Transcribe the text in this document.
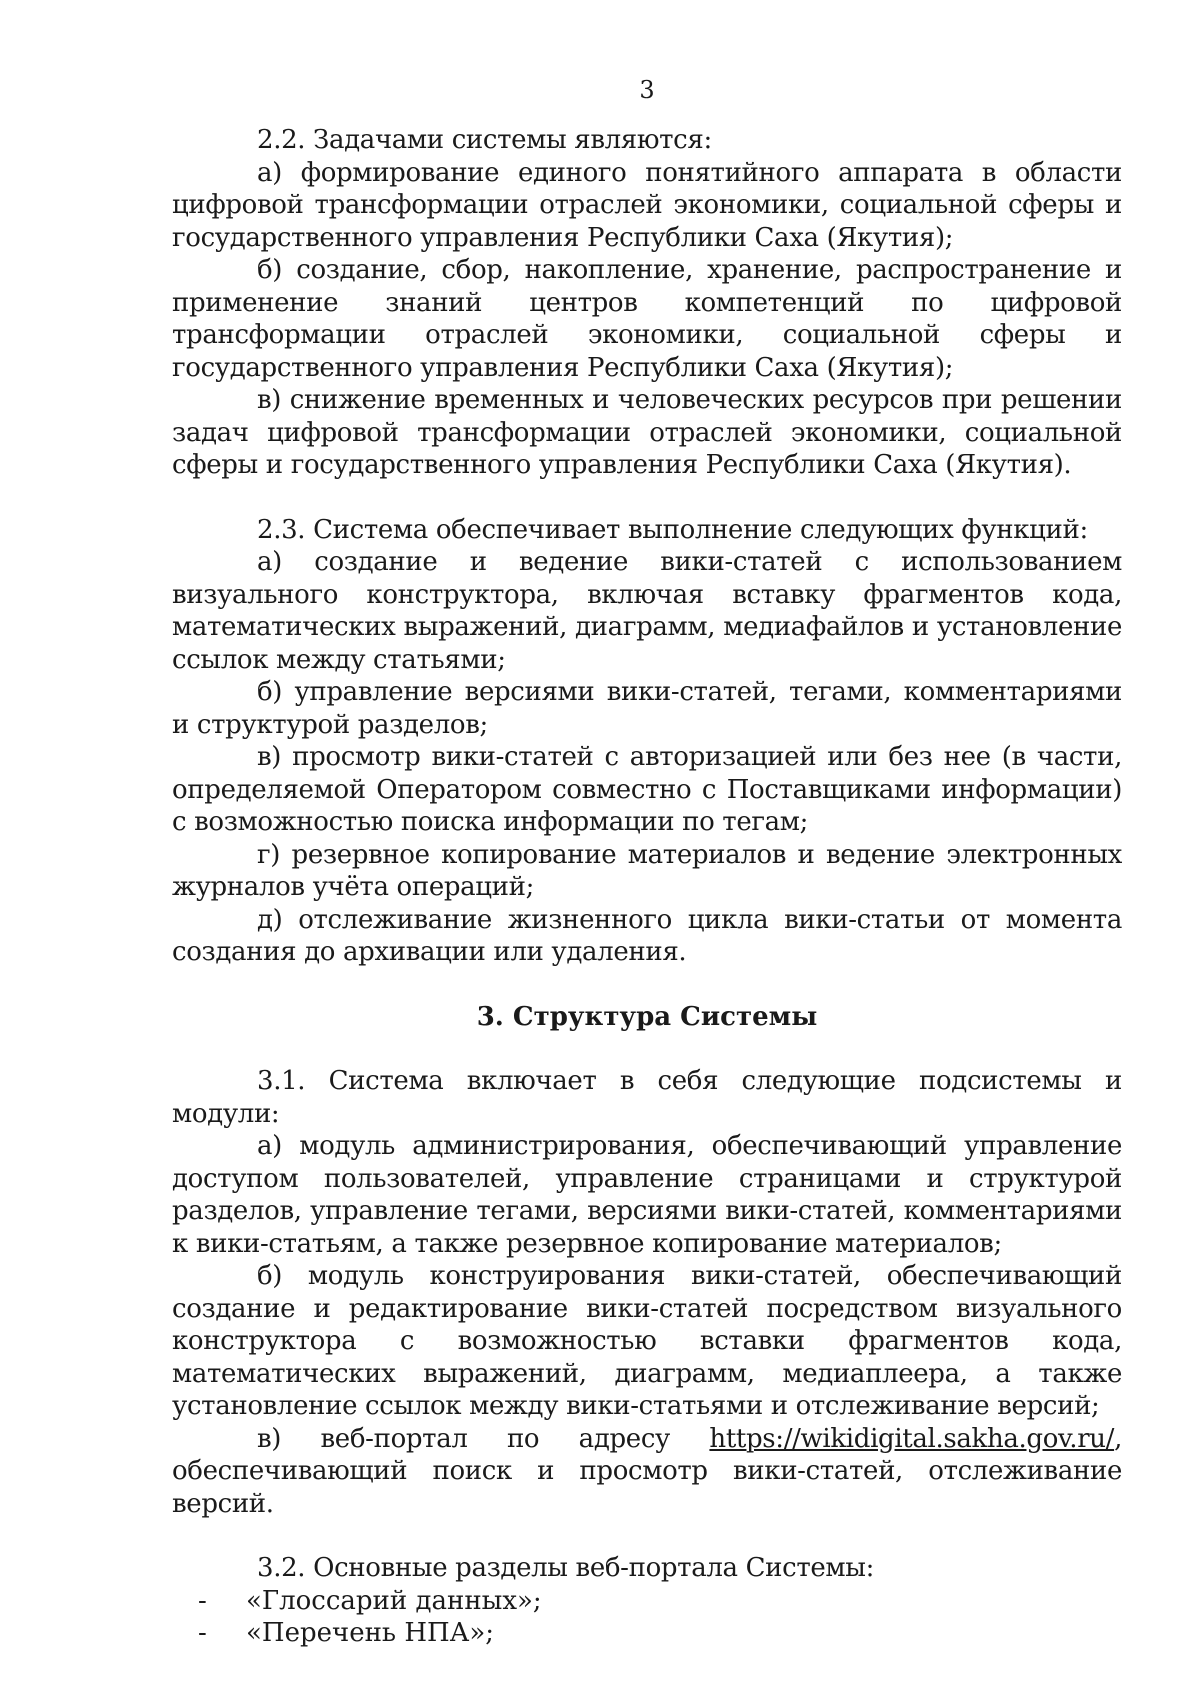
3

2.2. Задачами системы являются:

а) формирование единого понятийного аппарата в области цифровой трансформации отраслей экономики, социальной сферы и государственного управления Республики Саха (Якутия);

б) создание, сбор, накопление, хранение, распространение и применение знаний центров компетенций по цифровой трансформации отраслей экономики, социальной сферы и государственного управления Республики Саха (Якутия);

в) снижение временных и человеческих ресурсов при решении задач цифровой трансформации отраслей экономики, социальной сферы и государственного управления Республики Саха (Якутия).

2.3. Система обеспечивает выполнение следующих функций:

а) создание и ведение вики-статей с использованием визуального конструктора, включая вставку фрагментов кода, математических выражений, диаграмм, медиафайлов и установление ссылок между статьями;

б) управление версиями вики-статей, тегами, комментариями и структурой разделов;

в) просмотр вики-статей с авторизацией или без нее (в части, определяемой Оператором совместно с Поставщиками информации) с возможностью поиска информации по тегам;

г) резервное копирование материалов и ведение электронных журналов учёта операций;

д) отслеживание жизненного цикла вики-статьи от момента создания до архивации или удаления.

3. Структура Системы

3.1. Система включает в себя следующие подсистемы и модули:

а) модуль администрирования, обеспечивающий управление доступом пользователей, управление страницами и структурой разделов, управление тегами, версиями вики-статей, комментариями к вики-статьям, а также резервное копирование материалов;

б) модуль конструирования вики-статей, обеспечивающий создание и редактирование вики-статей посредством визуального конструктора с возможностью вставки фрагментов кода, математических выражений, диаграмм, медиаплеера, а также установление ссылок между вики-статьями и отслеживание версий;

в) веб-портал по адресу https://wikidigital.sakha.gov.ru/, обеспечивающий поиск и просмотр вики-статей, отслеживание версий.

3.2. Основные разделы веб-портала Системы:

-	«Глоссарий данных»;
-	«Перечень НПА»;
